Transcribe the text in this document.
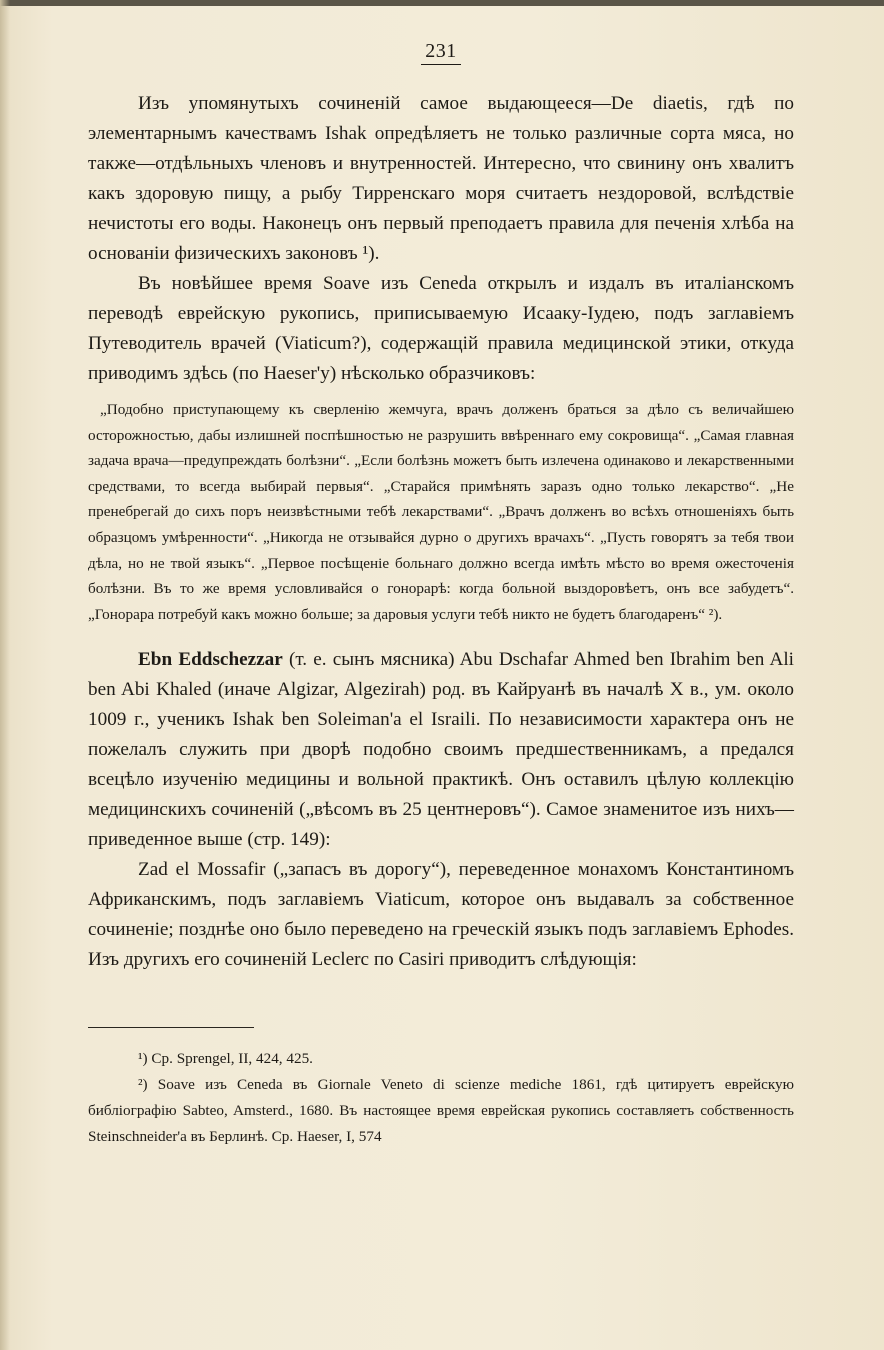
231

Изъ упомянутыхъ сочиненій самое выдающееся—De diaetis, гдѣ по элементарнымъ качествамъ Ishak опредѣляетъ не только различные сорта мяса, но также—отдѣльныхъ членовъ и внутренностей. Интересно, что свинину онъ хвалитъ какъ здоровую пищу, а рыбу Тирренскаго моря считаетъ нездоровой, вслѣдствіе нечистоты его воды. Наконецъ онъ первый преподаетъ правила для печенія хлѣба на основаніи физическихъ законовъ ¹).

Въ новѣйшее время Soave изъ Ceneda открылъ и издалъ въ италіанскомъ переводѣ еврейскую рукопись, приписываемую Исааку-Іудею, подъ заглавіемъ Путеводитель врачей (Viaticum?), содержащій правила медицинской этики, откуда приводимъ здѣсь (по Haeser'у) нѣсколько образчиковъ:

„Подобно приступающему къ сверленію жемчуга, врачъ долженъ браться за дѣло съ величайшею осторожностью, дабы излишней поспѣшностью не разрушить ввѣреннаго ему сокровища“. „Самая главная задача врача—предупреждать болѣзни“. „Если болѣзнь можетъ быть излечена одинаково и лекарственными средствами, то всегда выбирай первыя“. „Старайся примѣнять заразъ одно только лекарство“. „Не пренебрегай до сихъ поръ неизвѣстными тебѣ лекарствами“. „Врачъ долженъ во всѣхъ отношеніяхъ быть образцомъ умѣренности“. „Никогда не отзывайся дурно о другихъ врачахъ“. „Пусть говорятъ за тебя твои дѣла, но не твой языкъ“. „Первое посѣщеніе больнаго должно всегда имѣть мѣсто во время ожесточенія болѣзни. Въ то же время условливайся о гонорарѣ: когда больной выздоровѣетъ, онъ все забудетъ“. „Гонорара потребуй какъ можно больше; за даровыя услуги тебѣ никто не будетъ благодаренъ“ ²).

Ebn Eddschezzar (т. е. сынъ мясника) Abu Dschafar Ahmed ben Ibrahim ben Ali ben Abi Khaled (иначе Algizar, Algezirah) род. въ Кайруанѣ въ началѣ X в., ум. около 1009 г., ученикъ Ishak ben Soleiman'a el Israili. По независимости характера онъ не пожелалъ служить при дворѣ подобно своимъ предшественникамъ, а предался всецѣло изученію медицины и вольной практикѣ. Онъ оставилъ цѣлую коллекцію медицинскихъ сочиненій („вѣсомъ въ 25 центнеровъ“). Самое знаменитое изъ нихъ—приведенное выше (стр. 149):

Zad el Mossafir („запасъ въ дорогу“), переведенное монахомъ Константиномъ Африканскимъ, подъ заглавіемъ Viaticum, которое онъ выдавалъ за собственное сочиненіе; позднѣе оно было переведено на греческій языкъ подъ заглавіемъ Ephodes. Изъ другихъ его сочиненій Leclerc по Casiri приводитъ слѣдующія:

¹) Cp. Sprengel, II, 424, 425.

²) Soave изъ Ceneda въ Giornale Veneto di scienze mediche 1861, гдѣ цитируетъ еврейскую библіографію Sabteo, Amsterd., 1680. Въ настоящее время еврейская рукопись составляетъ собственность Steinschneider'a въ Берлинѣ. Cp. Haeser, I, 574
